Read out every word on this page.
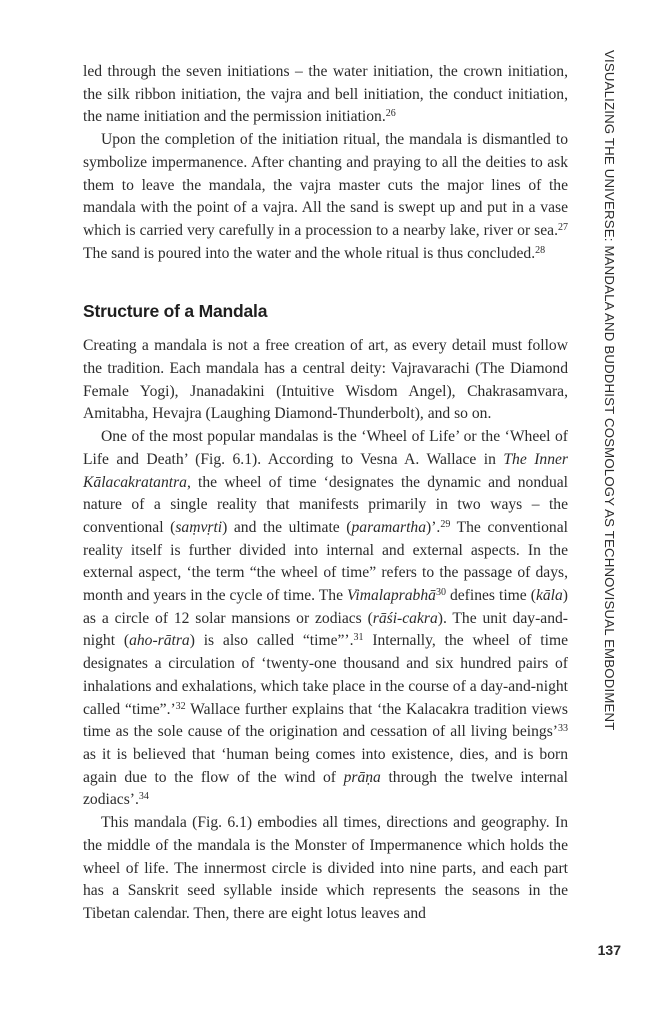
led through the seven initiations – the water initiation, the crown initiation, the silk ribbon initiation, the vajra and bell initiation, the conduct initiation, the name initiation and the permission initiation.$^{26}$

Upon the completion of the initiation ritual, the mandala is dismantled to symbolize impermanence. After chanting and praying to all the deities to ask them to leave the mandala, the vajra master cuts the major lines of the mandala with the point of a vajra. All the sand is swept up and put in a vase which is carried very carefully in a procession to a nearby lake, river or sea.$^{27}$ The sand is poured into the water and the whole ritual is thus concluded.$^{28}$

Structure of a Mandala

Creating a mandala is not a free creation of art, as every detail must follow the tradition. Each mandala has a central deity: Vajravarachi (The Diamond Female Yogi), Jnanadakini (Intuitive Wisdom Angel), Chakrasamvara, Amitabha, Hevajra (Laughing Diamond-Thunderbolt), and so on.

One of the most popular mandalas is the ‘Wheel of Life’ or the ‘Wheel of Life and Death’ (Fig. 6.1). According to Vesna A. Wallace in The Inner Kālacakratantra, the wheel of time ‘designates the dynamic and nondual nature of a single reality that manifests primarily in two ways – the conventional (saṃvṛti) and the ultimate (paramartha)’.$^{29}$ The conventional reality itself is further divided into internal and external aspects. In the external aspect, ‘the term “the wheel of time” refers to the passage of days, month and years in the cycle of time. The Vimalaprabhā$^{30}$ defines time (kāla) as a circle of 12 solar mansions or zodiacs (rāśi-cakra). The unit day-and-night (aho-rātra) is also called “time”’.$^{31}$ Internally, the wheel of time designates a circulation of ‘twenty-one thousand and six hundred pairs of inhalations and exhalations, which take place in the course of a day-and-night called “time”.’$^{32}$ Wallace further explains that ‘the Kalacakra tradition views time as the sole cause of the origination and cessation of all living beings’$^{33}$ as it is believed that ‘human being comes into existence, dies, and is born again due to the flow of the wind of prāṇa through the twelve internal zodiacs’.$^{34}$

This mandala (Fig. 6.1) embodies all times, directions and geography. In the middle of the mandala is the Monster of Impermanence which holds the wheel of life. The innermost circle is divided into nine parts, and each part has a Sanskrit seed syllable inside which represents the seasons in the Tibetan calendar. Then, there are eight lotus leaves and

VISUALIZING THE UNIVERSE: MANDALA AND BUDDHIST COSMOLOGY AS TECHNOVISUAL EMBODIMENT
137
